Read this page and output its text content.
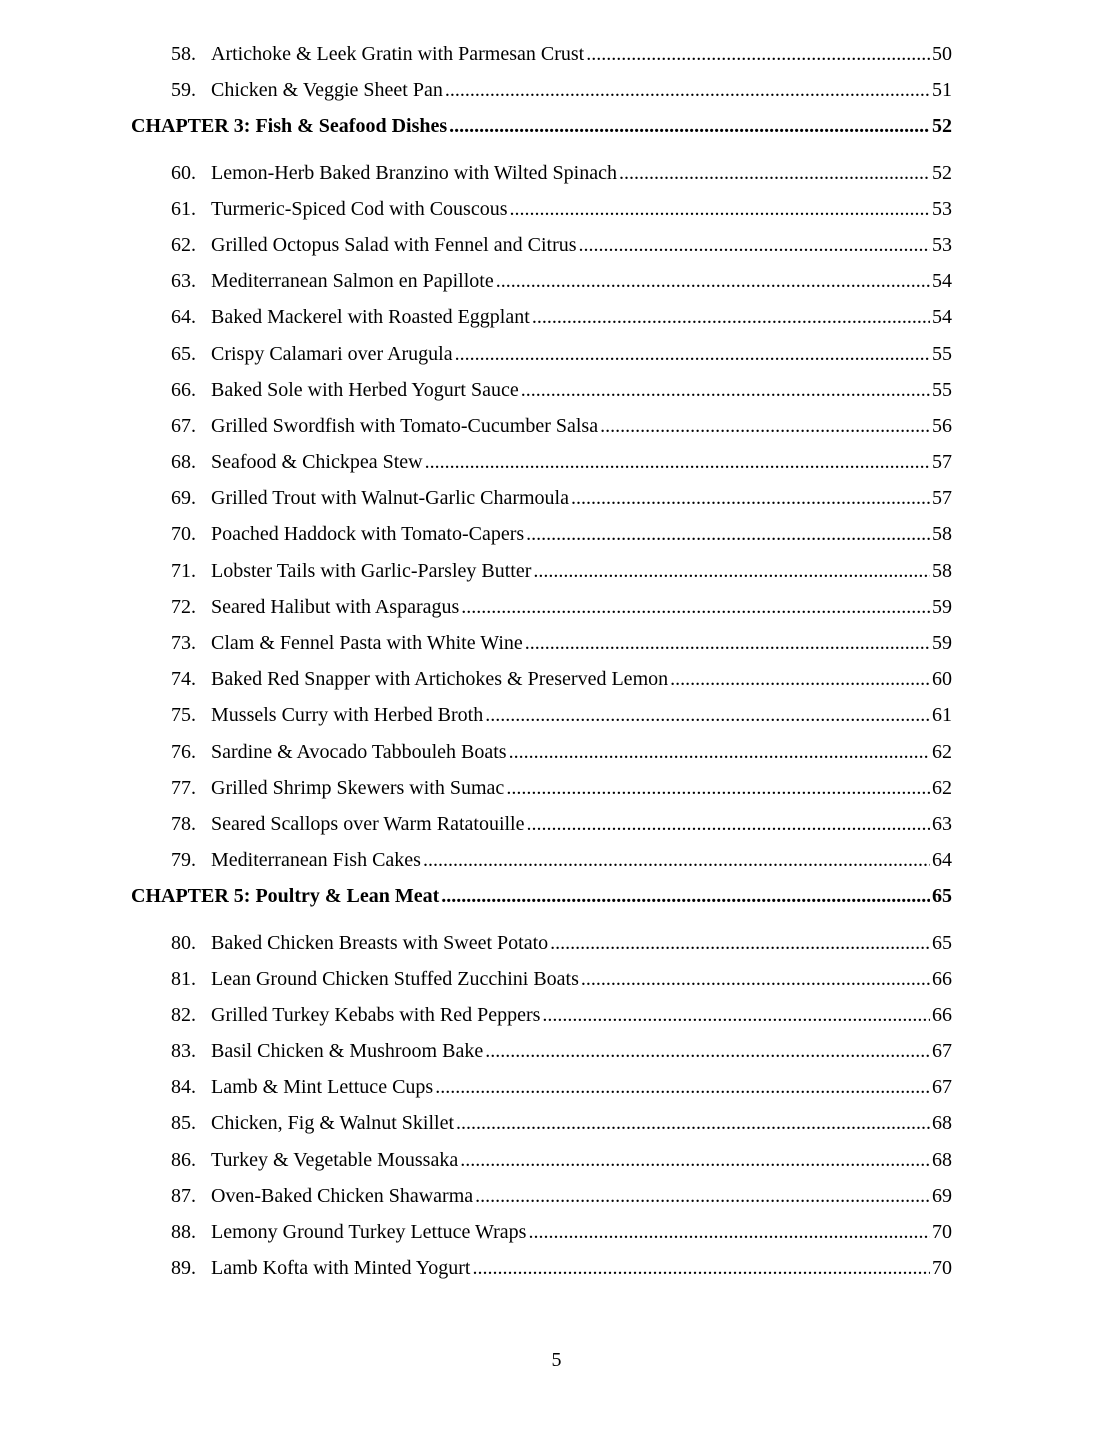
58. Artichoke & Leek Gratin with Parmesan Crust .....	50
59. Chicken & Veggie Sheet Pan .....	51
CHAPTER 3: Fish & Seafood Dishes .....	52
60. Lemon-Herb Baked Branzino with Wilted Spinach .....	52
61. Turmeric-Spiced Cod with Couscous .....	53
62. Grilled Octopus Salad with Fennel and Citrus .....	53
63. Mediterranean Salmon en Papillote .....	54
64. Baked Mackerel with Roasted Eggplant .....	54
65. Crispy Calamari over Arugula .....	55
66. Baked Sole with Herbed Yogurt Sauce .....	55
67. Grilled Swordfish with Tomato-Cucumber Salsa .....	56
68. Seafood & Chickpea Stew .....	57
69. Grilled Trout with Walnut-Garlic Charmoula .....	57
70. Poached Haddock with Tomato-Capers .....	58
71. Lobster Tails with Garlic-Parsley Butter .....	58
72. Seared Halibut with Asparagus .....	59
73. Clam & Fennel Pasta with White Wine .....	59
74. Baked Red Snapper with Artichokes & Preserved Lemon .....	60
75. Mussels Curry with Herbed Broth .....	61
76. Sardine & Avocado Tabbouleh Boats .....	62
77. Grilled Shrimp Skewers with Sumac .....	62
78. Seared Scallops over Warm Ratatouille .....	63
79. Mediterranean Fish Cakes .....	64
CHAPTER 5: Poultry & Lean Meat .....	65
80. Baked Chicken Breasts with Sweet Potato .....	65
81. Lean Ground Chicken Stuffed Zucchini Boats .....	66
82. Grilled Turkey Kebabs with Red Peppers .....	66
83. Basil Chicken & Mushroom Bake .....	67
84. Lamb & Mint Lettuce Cups .....	67
85. Chicken, Fig & Walnut Skillet .....	68
86. Turkey & Vegetable Moussaka .....	68
87. Oven-Baked Chicken Shawarma .....	69
88. Lemony Ground Turkey Lettuce Wraps .....	70
89. Lamb Kofta with Minted Yogurt .....	70
5
